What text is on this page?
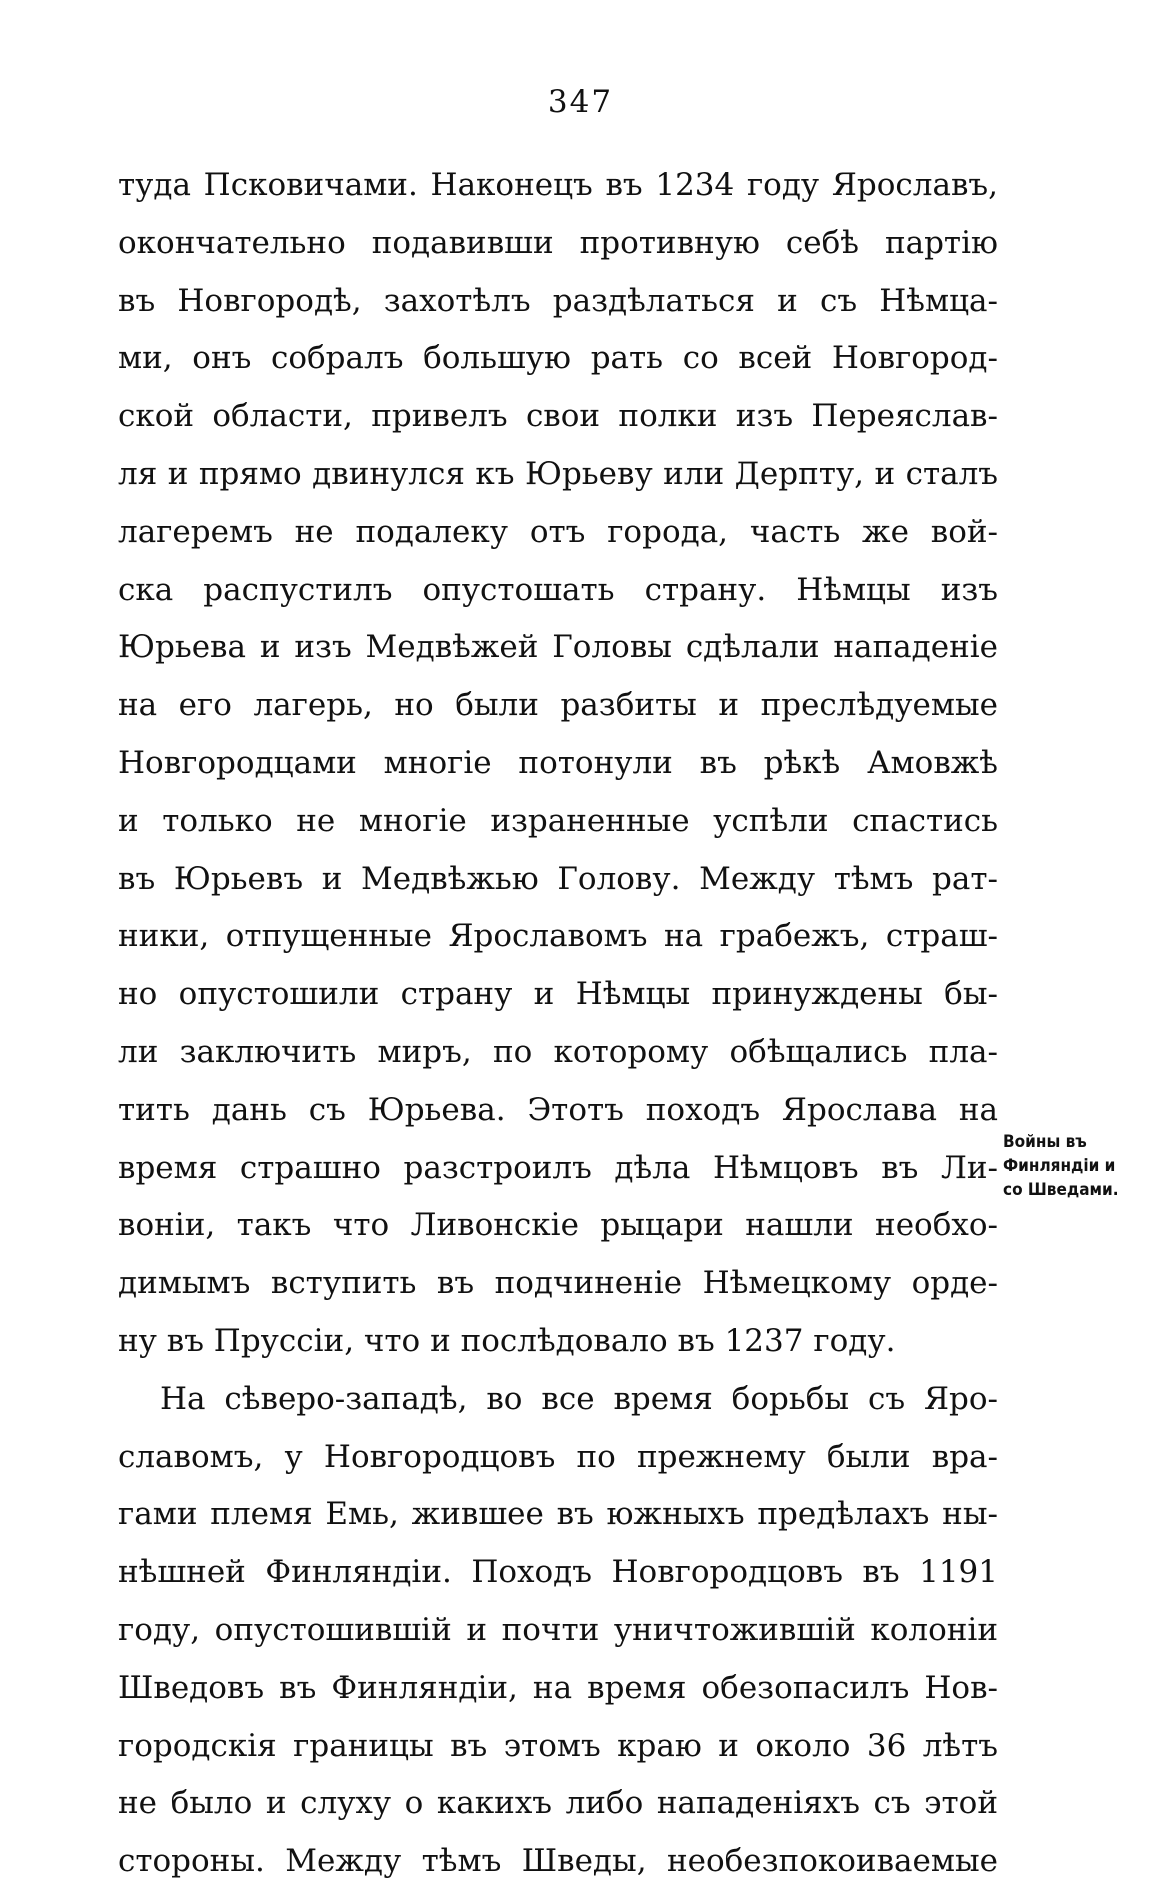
347
туда Псковичами. Наконецъ въ 1234 году Ярославъ,
окончательно подавивши противную себѣ партію
въ Новгородѣ, захотѣлъ раздѣлаться и съ Нѣмца-
ми, онъ собралъ большую рать со всей Новгород-
ской области, привелъ свои полки изъ Переяслав-
ля и прямо двинулся къ Юрьеву или Дерпту, и сталъ
лагеремъ не подалеку отъ города, часть же вой-
ска распустилъ опустошать страну. Нѣмцы изъ
Юрьева и изъ Медвѣжей Головы сдѣлали нападеніе
на его лагерь, но были разбиты и преслѣдуемые
Новгородцами многіе потонули въ рѣкѣ Амовжѣ
и только не многіе израненные успѣли спастись
въ Юрьевъ и Медвѣжью Голову. Между тѣмъ рат-
ники, отпущенные Ярославомъ на грабежъ, страш-
но опустошили страну и Нѣмцы принуждены бы-
ли заключить миръ, по которому обѣщались пла-
тить дань съ Юрьева. Этотъ походъ Ярослава на
время страшно разстроилъ дѣла Нѣмцовъ въ Ли-
воніи, такъ что Ливонскіе рыцари нашли необхо-
димымъ вступить въ подчиненіе Нѣмецкому орде-
ну въ Пруссіи, что и послѣдовало въ 1237 году.
На сѣверо-западѣ, во все время борьбы съ Яро-
славомъ, у Новгородцовъ по прежнему были вра-
гами племя Емь, жившее въ южныхъ предѣлахъ ны-
нѣшней Финляндіи. Походъ Новгородцовъ въ 1191
году, опустошившій и почти уничтожившій колоніи
Шведовъ въ Финляндіи, на время обезопасилъ Нов-
городскія границы въ этомъ краю и около 36 лѣтъ
не было и слуху о какихъ либо нападеніяхъ съ этой
стороны. Между тѣмъ Шведы, необезпокоиваемые
Войны въ
Финляндіи и
со Шведами.
